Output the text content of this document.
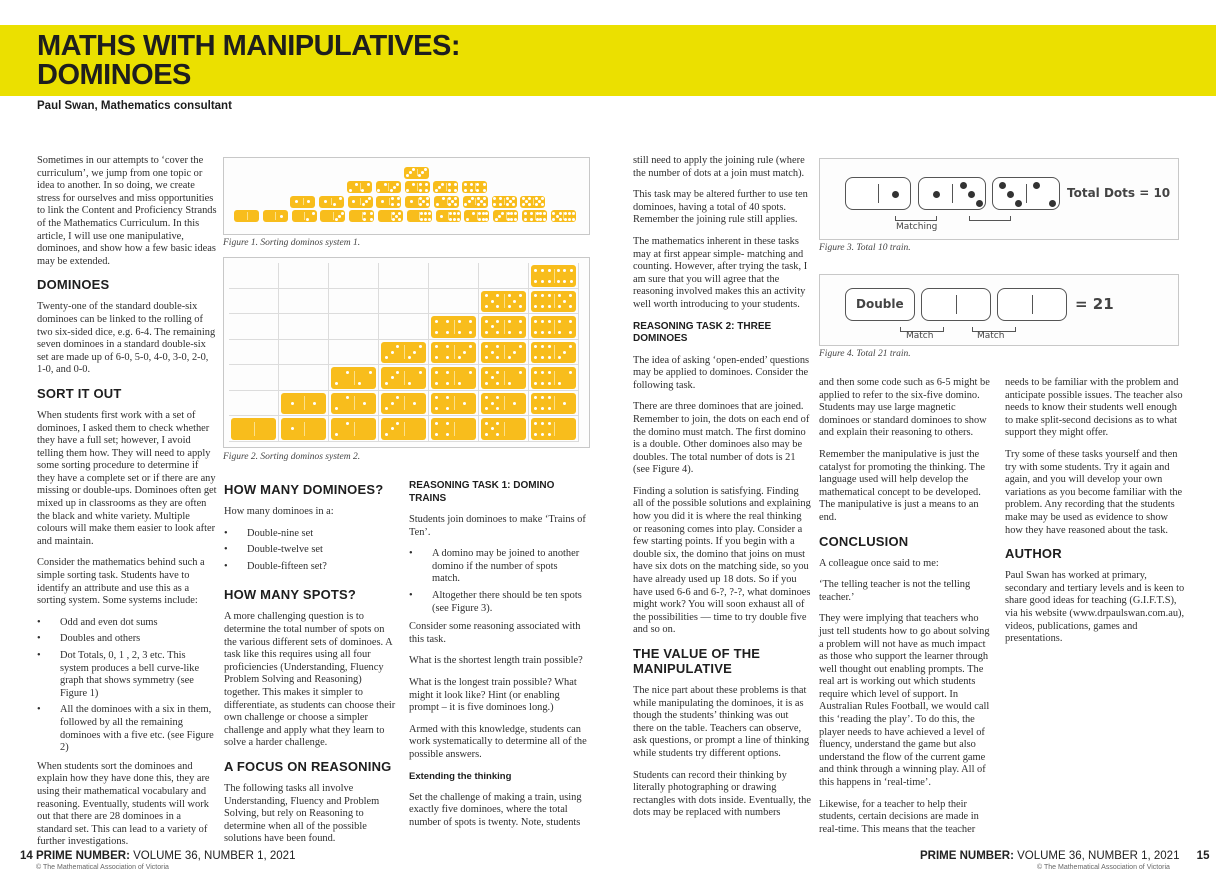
MATHS WITH MANIPULATIVES:
DOMINOES
Paul Swan, Mathematics consultant

Sometimes in our attempts to ‘cover the curriculum’, we jump from one topic or idea to another. In so doing, we create stress for ourselves and miss opportunities to link the Content and Proficiency Strands of the Mathematics Curriculum. In this article, I will use one manipulative, dominoes, and show how a few basic ideas may be extended.

DOMINOES

Twenty-one of the standard double-six dominoes can be linked to the rolling of two six-sided dice, e.g. 6-4. The remaining seven dominoes in a standard double-six set are made up of 6-0, 5-0, 4-0, 3-0, 2-0, 1-0, and 0-0.

SORT IT OUT

When students first work with a set of dominoes, I asked them to check whether they have a full set; however, I avoid telling them how. They will need to apply some sorting procedure to determine if they have a complete set or if there are any missing or double-ups. Dominoes often get mixed up in classrooms as they are often the black and white variety. Multiple colours will make them easier to look after and maintain.

Consider the mathematics behind such a simple sorting task. Students have to identify an attribute and use this as a sorting system. Some systems include:

• Odd and even dot sums
• Doubles and others
• Dot Totals, 0, 1 , 2, 3 etc. This system produces a bell curve-like graph that shows symmetry (see Figure 1)
• All the dominoes with a six in them, followed by all the remaining dominoes with a five etc. (see Figure 2)

When students sort the dominoes and explain how they have done this, they are using their mathematical vocabulary and reasoning. Eventually, students will work out that there are 28 dominoes in a standard set. This can lead to a variety of further investigations.

Figure 1. Sorting dominos system 1.
Figure 2. Sorting dominos system 2.
HOW MANY DOMINOES?

How many dominoes in a:

• Double-nine set
• Double-twelve set
• Double-fifteen set?
HOW MANY SPOTS?

A more challenging question is to determine the total number of spots on the various different sets of dominoes. A task like this requires using all four proficiencies (Understanding, Fluency Problem Solving and Reasoning) together. This makes it simpler to differentiate, as students can choose their own challenge or choose a simpler challenge and apply what they learn to solve a harder challenge.

A FOCUS ON REASONING

The following tasks all involve Understanding, Fluency and Problem Solving, but rely on Reasoning to determine when all of the possible solutions have been found.

REASONING TASK 1: DOMINO TRAINS

Students join dominoes to make ‘Trains of Ten’.

• A domino may be joined to another domino if the number of spots match.
• Altogether there should be ten spots (see Figure 3).

Consider some reasoning associated with this task.

What is the shortest length train possible?

What is the longest train possible? What might it look like? Hint (or enabling prompt – it is five dominoes long.)

Armed with this knowledge, students can work systematically to determine all of the possible answers.

Extending the thinking

Set the challenge of making a train, using exactly five dominoes, where the total number of spots is twenty. Note, students

still need to apply the joining rule (where the number of dots at a join must match).

This task may be altered further to use ten dominoes, having a total of 40 spots. Remember the joining rule still applies.

The mathematics inherent in these tasks may at first appear simple- matching and counting. However, after trying the task, I am sure that you will agree that the reasoning involved makes this an activity well worth introducing to your students.

REASONING TASK 2: THREE DOMINOES

The idea of asking ‘open-ended’ questions may be applied to dominoes. Consider the following task.

There are three dominoes that are joined. Remember to join, the dots on each end of the domino must match. The first domino is a double. Other dominoes also may be doubles. The total number of dots is 21 (see Figure 4).

Finding a solution is satisfying. Finding all of the possible solutions and explaining how you did it is where the real thinking or reasoning comes into play. Consider a few starting points. If you begin with a double six, the domino that joins on must have six dots on the matching side, so you have already used up 18 dots. So if you have used 6-6 and 6-?, ?-?, what dominoes might work? You will soon exhaust all of the possibilities — time to try double five and so on.

THE VALUE OF THE MANIPULATIVE

The nice part about these problems is that while manipulating the dominoes, it is as though the students’ thinking was out there on the table. Teachers can observe, ask questions, or prompt a line of thinking while students try different options.

Students can record their thinking by literally photographing or drawing rectangles with dots inside. Eventually, the dots may be replaced with numbers

Matching
Total Dots = 10
Figure 3. Total 10 train.
Double
Match	Match
= 21
Figure 4. Total 21 train.

and then some code such as 6-5 might be applied to refer to the six-five domino. Students may use large magnetic dominoes or standard dominoes to show and explain their reasoning to others.

Remember the manipulative is just the catalyst for promoting the thinking. The language used will help develop the mathematical concept to be developed. The manipulative is just a means to an end.

CONCLUSION

A colleague once said to me:

‘The telling teacher is not the telling teacher.’

They were implying that teachers who just tell students how to go about solving a problem will not have as much impact as those who support the learner through well thought out enabling prompts. The real art is working out which students require which level of support. In Australian Rules Football, we would call this ‘reading the play’. To do this, the player needs to have achieved a level of fluency, understand the game but also understand the flow of the current game and think through a winning play. All of this happens in ‘real-time’.

Likewise, for a teacher to help their students, certain decisions are made in real-time. This means that the teacher

needs to be familiar with the problem and anticipate possible issues. The teacher also needs to know their students well enough to make split-second decisions as to what support they might offer.

Try some of these tasks yourself and then try with some students. Try it again and again, and you will develop your own variations as you become familiar with the problem. Any recording that the students make may be used as evidence to show how they have reasoned about the task.

AUTHOR

Paul Swan has worked at primary, secondary and tertiary levels and is keen to share good ideas for teaching (G.I.F.T.S), via his website (www.drpaulswan.com.au), videos, publications, games and presentations.

14 PRIME NUMBER: VOLUME 36, NUMBER 1, 2021
© The Mathematical Association of Victoria
PRIME NUMBER: VOLUME 36, NUMBER 1, 2021 15
© The Mathematical Association of Victoria
